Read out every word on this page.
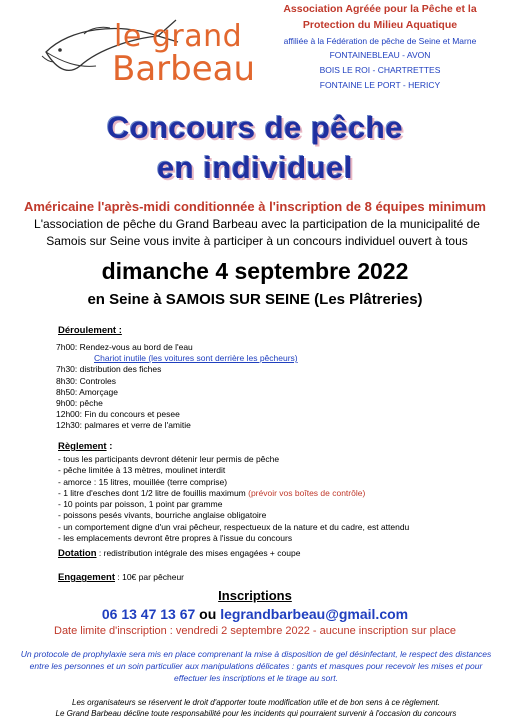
le grand
Barbeau
Association Agréée pour la Pêche et la
Protection du Milieu Aquatique
affiliée à la Fédération de pêche de Seine et Marne
FONTAINEBLEAU - AVON
BOIS LE ROI - CHARTRETTES
FONTAINE LE PORT - HERICY
Concours de pêche
en individuel
Américaine l'après-midi conditionnée à l'inscription de 8 équipes minimum
L'association de pêche du Grand Barbeau avec la participation de la municipalité de Samois sur Seine vous invite à participer à un concours individuel ouvert à tous
dimanche 4 septembre 2022
en Seine à SAMOIS SUR SEINE (Les Plâtreries)
Déroulement :
7h00: Rendez-vous au bord de l'eau
Chariot inutile (les voitures sont derrière les pêcheurs)
7h30: distribution des fiches
8h30: Controles
8h50: Amorçage
9h00: pêche
12h00: Fin du concours et pesee
12h30: palmares et verre de l'amitie
Règlement :
- tous les participants devront détenir leur permis de pêche
- pêche limitée à 13 mètres, moulinet interdit
- amorce : 15 litres, mouillée (terre comprise)
- 1 litre d'esches dont 1/2 litre de fouillis maximum (prévoir vos boîtes de contrôle)
- 10 points par poisson, 1 point par gramme
- poissons pesés vivants, bourriche anglaise obligatoire
- un comportement digne d'un vrai pêcheur, respectueux de la nature et du cadre, est attendu
- les emplacements devront être propres à l'issue du concours
Dotation : redistribution intégrale des mises engagées + coupe
Engagement : 10€ par pêcheur
Inscriptions
06 13 47 13 67 ou legrandbarbeau@gmail.com
Date limite d'inscription : vendredi 2 septembre 2022 - aucune inscription sur place
Un protocole de prophylaxie sera mis en place comprenant la mise à disposition de gel désinfectant, le respect des distances entre les personnes et un soin particulier aux manipulations délicates : gants et masques pour recevoir les mises et pour effectuer les inscriptions et le tirage au sort.
Les organisateurs se réservent le droit d'apporter toute modification utile et de bon sens à ce règlement.
Le Grand Barbeau décline toute responsabilité pour les incidents qui pourraient survenir à l'occasion du concours
